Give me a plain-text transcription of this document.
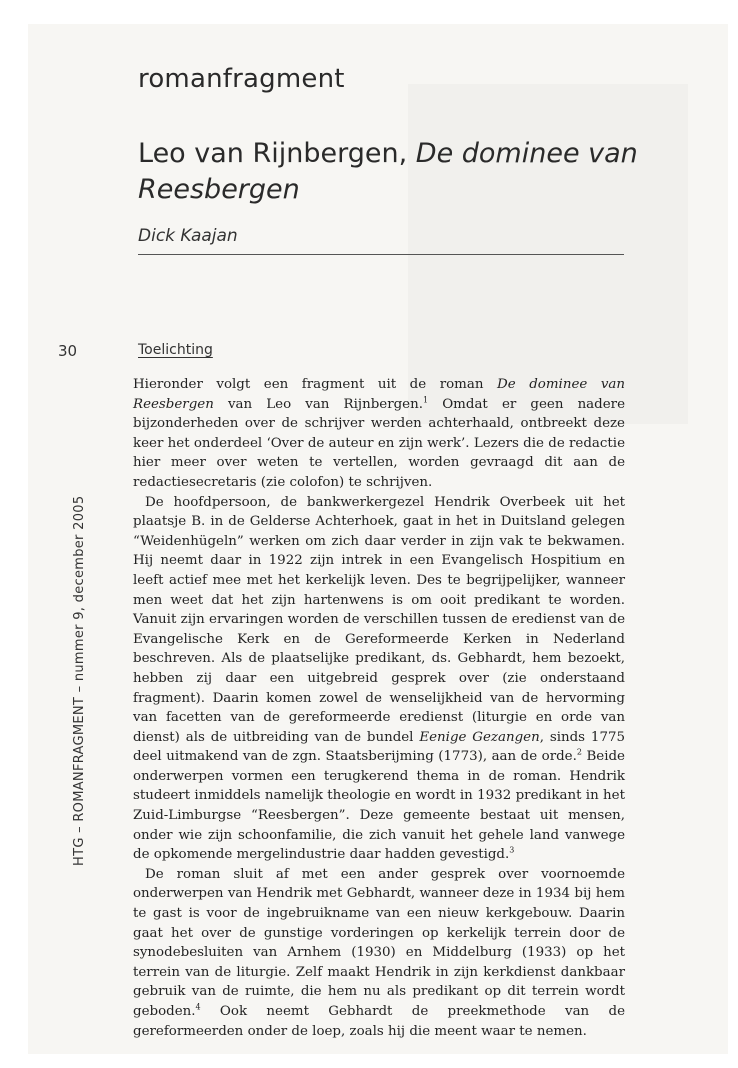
romanfragment
Leo van Rijnbergen, De dominee van Reesbergen
Dick Kaajan
30	Toelichting
HTG – ROMANFRAGMENT – nummer 9, december 2005

Hieronder volgt een fragment uit de roman De dominee van Reesbergen van Leo van Rijnbergen.$^1$ Omdat er geen nadere bijzonderheden over de schrijver werden achterhaald, ontbreekt deze keer het onderdeel ‘Over de auteur en zijn werk’. Lezers die de redactie hier meer over weten te vertellen, worden gevraagd dit aan de redactiesecretaris (zie colofon) te schrijven.

De hoofdpersoon, de bankwerkergezel Hendrik Overbeek uit het plaatsje B. in de Gelderse Achterhoek, gaat in het in Duitsland gelegen “Weidenhügeln” werken om zich daar verder in zijn vak te bekwamen. Hij neemt daar in 1922 zijn intrek in een Evangelisch Hospitium en leeft actief mee met het kerkelijk leven. Des te begrijpelijker, wanneer men weet dat het zijn hartenwens is om ooit predikant te worden. Vanuit zijn ervaringen worden de verschillen tussen de eredienst van de Evangelische Kerk en de Gereformeerde Kerken in Nederland beschreven. Als de plaatselijke predikant, ds. Gebhardt, hem bezoekt, hebben zij daar een uitgebreid gesprek over (zie onderstaand fragment). Daarin komen zowel de wenselijkheid van de hervorming van facetten van de gereformeerde eredienst (liturgie en orde van dienst) als de uitbreiding van de bundel Eenige Gezangen, sinds 1775 deel uitmakend van de zgn. Staatsberijming (1773), aan de orde.$^2$ Beide onderwerpen vormen een terugkerend thema in de roman. Hendrik studeert inmiddels namelijk theologie en wordt in 1932 predikant in het Zuid-Limburgse “Reesbergen”. Deze gemeente bestaat uit mensen, onder wie zijn schoonfamilie, die zich vanuit het gehele land vanwege de opkomende mergelindustrie daar hadden gevestigd.$^3$

De roman sluit af met een ander gesprek over voornoemde onderwerpen van Hendrik met Gebhardt, wanneer deze in 1934 bij hem te gast is voor de ingebruikname van een nieuw kerkgebouw. Daarin gaat het over de gunstige vorderingen op kerkelijk terrein door de synodebesluiten van Arnhem (1930) en Middelburg (1933) op het terrein van de liturgie. Zelf maakt Hendrik in zijn kerkdienst dankbaar gebruik van de ruimte, die hem nu als predikant op dit terrein wordt geboden.$^4$ Ook neemt Gebhardt de preekmethode van de gereformeerden onder de loep, zoals hij die meent waar te nemen.
